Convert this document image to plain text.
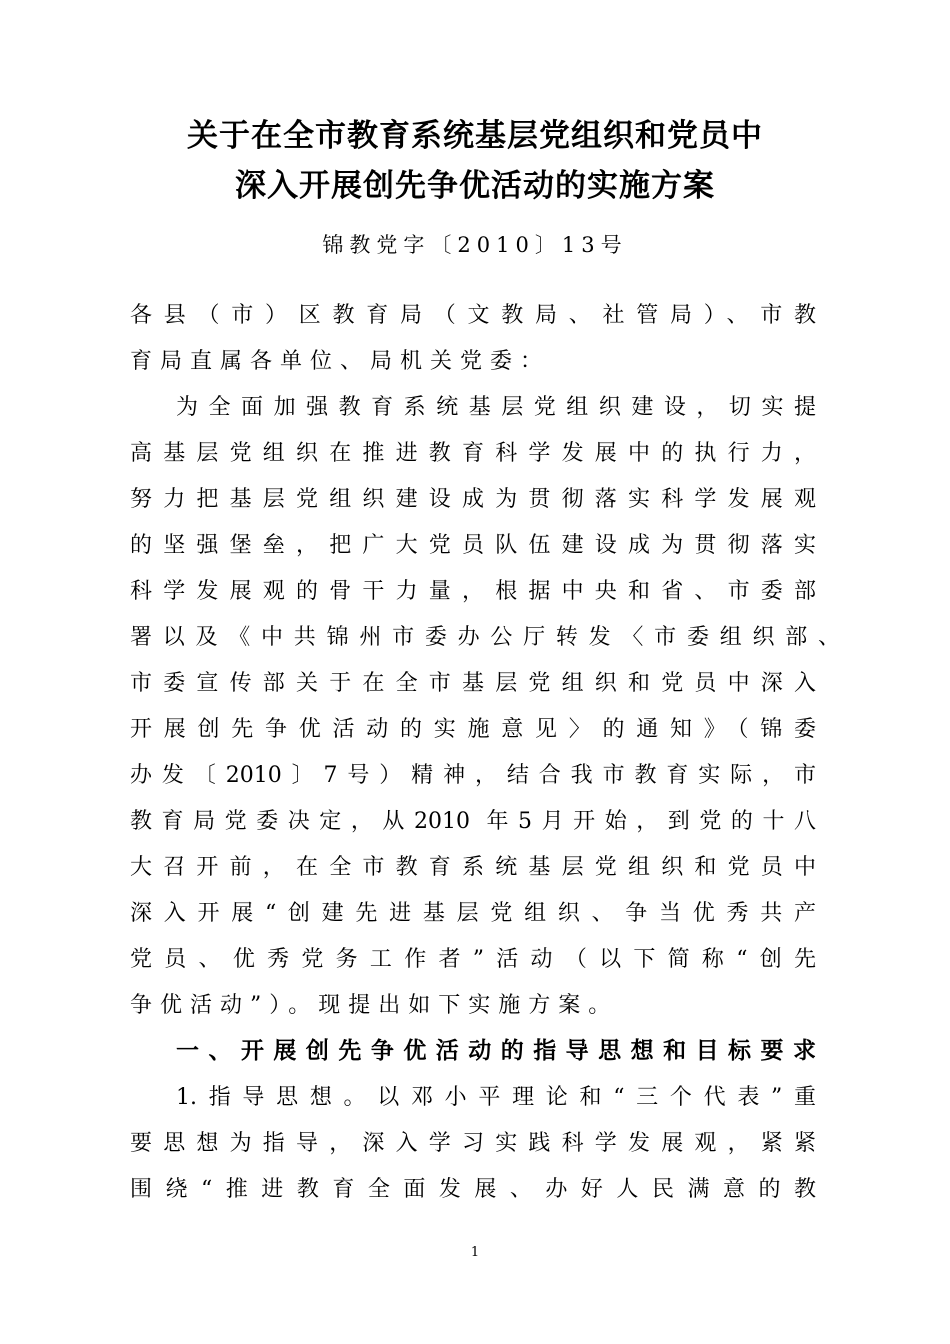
关于在全市教育系统基层党组织和党员中
深入开展创先争优活动的实施方案
锦教党字〔2010〕13号
各县（市）区教育局（文教局、社管局）、市教
育局直属各单位、局机关党委：
为全面加强教育系统基层党组织建设，切实提
高基层党组织在推进教育科学发展中的执行力，
努力把基层党组织建设成为贯彻落实科学发展观
的坚强堡垒，把广大党员队伍建设成为贯彻落实
科学发展观的骨干力量，根据中央和省、市委部
署以及《中共锦州市委办公厅转发〈市委组织部、
市委宣传部关于在全市基层党组织和党员中深入
开展创先争优活动的实施意见〉的通知》（锦委
办发〔2010〕7号）精神，结合我市教育实际，市
教育局党委决定，从2010 年5月开始，到党的十八
大召开前，在全市教育系统基层党组织和党员中
深入开展“创建先进基层党组织、争当优秀共产
党员、优秀党务工作者”活动（以下简称“创先
争优活动”）。现提出如下实施方案。
一、开展创先争优活动的指导思想和目标要求
1.指导思想。以邓小平理论和“三个代表”重
要思想为指导，深入学习实践科学发展观，紧紧
围绕“推进教育全面发展、办好人民满意的教
1
